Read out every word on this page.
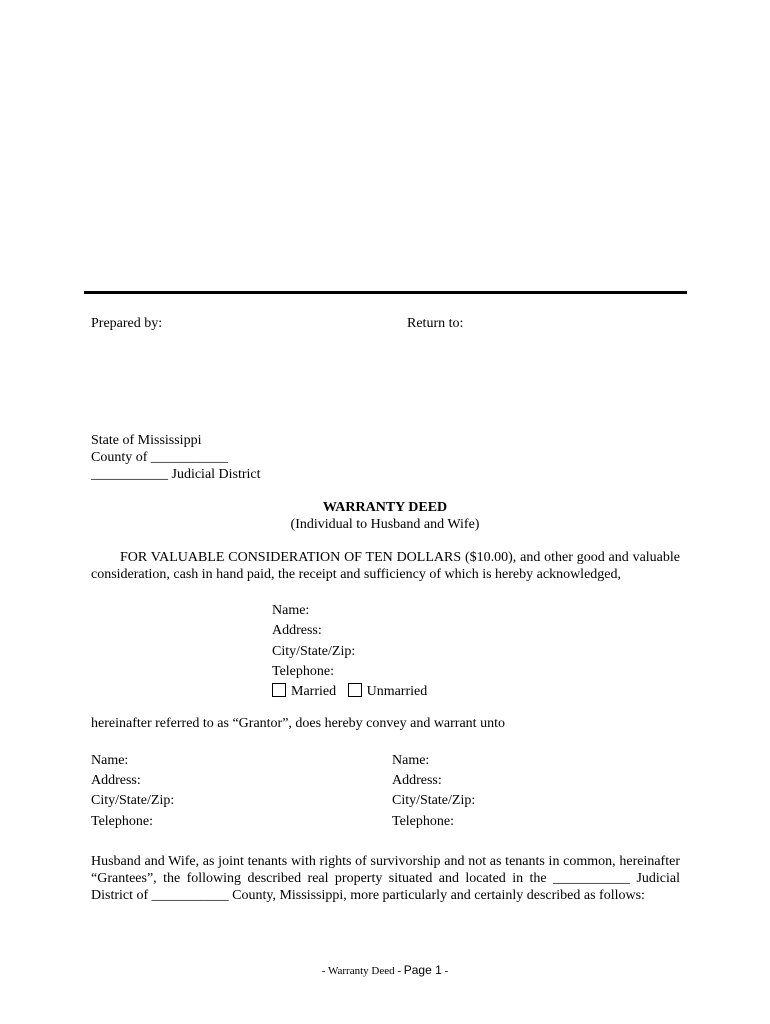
Prepared by:	Return to:
State of Mississippi
County of ___________
___________ Judicial District
WARRANTY DEED
(Individual to Husband and Wife)
FOR VALUABLE CONSIDERATION OF TEN DOLLARS ($10.00), and other good and valuable consideration, cash in hand paid, the receipt and sufficiency of which is hereby acknowledged,
Name:
Address:
City/State/Zip:
Telephone:
Married Unmarried
hereinafter referred to as “Grantor”, does hereby convey and warrant unto
Name:
Address:
City/State/Zip:
Telephone:
Name:
Address:
City/State/Zip:
Telephone:
Husband and Wife, as joint tenants with rights of survivorship and not as tenants in common, hereinafter “Grantees”, the following described real property situated and located in the ___________ Judicial District of ___________ County, Mississippi, more particularly and certainly described as follows:
- Warranty Deed - Page 1 -
